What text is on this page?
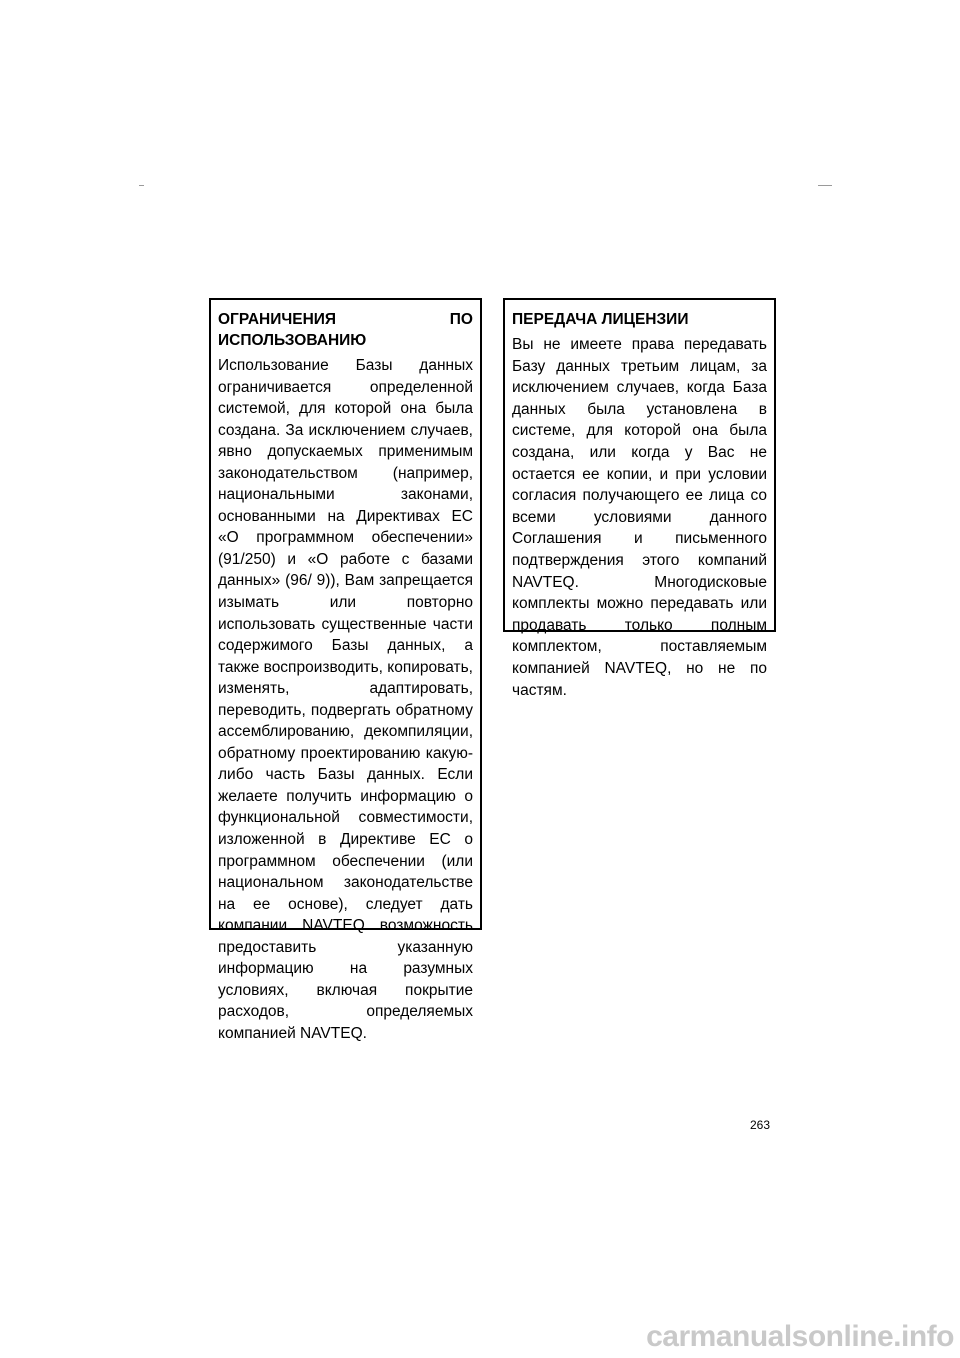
ОГРАНИЧЕНИЯ ПО
ИСПОЛЬЗОВАНИЮ

Использование Базы данных ограничивается определенной системой, для которой она была создана. За исключением случаев, явно допускаемых применимым законодательством (например, национальными законами, основанными на Директивах ЕС «О программном обеспечении» (91/250) и «О работе с базами данных» (96/ 9)), Вам запрещается изымать или повторно использовать существенные части содержимого Базы данных, а также воспроизводить, копировать, изменять, адаптировать, переводить, подвергать обратному ассемблированию, декомпиляции, обратному проектированию какую-либо часть Базы данных. Если желаете получить информацию о функциональной совместимости, изложенной в Директиве ЕС о программном обеспечении (или национальном законодательстве на ее основе), следует дать компании NAVTEQ возможность предоставить указанную информацию на разумных условиях, включая покрытие расходов, определяемых компанией NAVTEQ.

ПЕРЕДАЧА ЛИЦЕНЗИИ

Вы не имеете права передавать Базу данных третьим лицам, за исключением случаев, когда База данных была установлена в системе, для которой она была создана, или когда у Вас не остается ее копии, и при условии согласия получающего ее лица со всеми условиями данного Соглашения и письменного подтверждения этого компаний NAVTEQ. Многодисковые комплекты можно передавать или продавать только полным комплектом, поставляемым компанией NAVTEQ, но не по частям.

263
carmanualsonline.info
